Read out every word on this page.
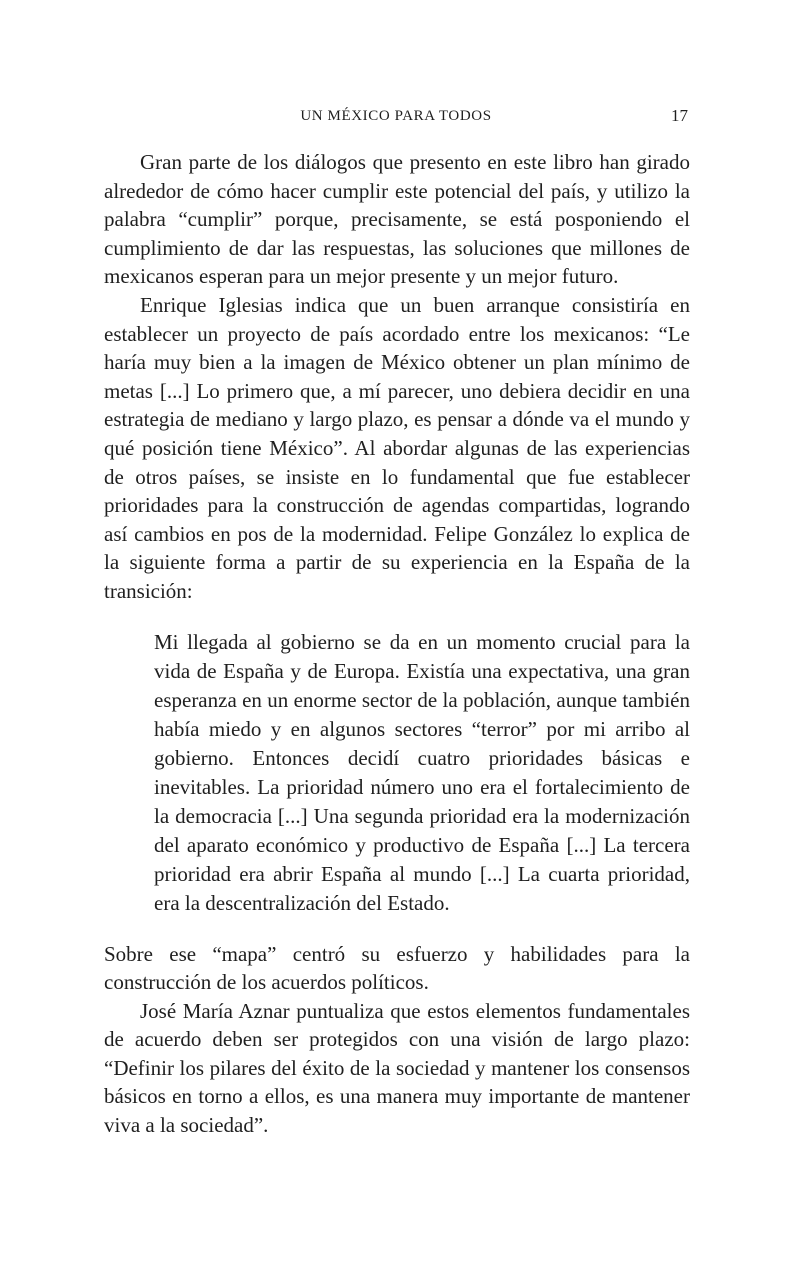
UN MÉXICO PARA TODOS	17

Gran parte de los diálogos que presento en este libro han girado alrededor de cómo hacer cumplir este potencial del país, y utilizo la palabra “cumplir” porque, precisamente, se está posponiendo el cumplimiento de dar las respuestas, las soluciones que millones de mexicanos esperan para un mejor presente y un mejor futuro.

Enrique Iglesias indica que un buen arranque consistiría en establecer un proyecto de país acordado entre los mexicanos: “Le haría muy bien a la imagen de México obtener un plan mínimo de metas [...] Lo primero que, a mí parecer, uno debiera decidir en una estrategia de mediano y largo plazo, es pensar a dónde va el mundo y qué posición tiene México”. Al abordar algunas de las experiencias de otros países, se insiste en lo fundamental que fue establecer prioridades para la construcción de agendas compartidas, logrando así cambios en pos de la modernidad. Felipe González lo explica de la siguiente forma a partir de su experiencia en la España de la transición:

Mi llegada al gobierno se da en un momento crucial para la vida de España y de Europa. Existía una expectativa, una gran esperanza en un enorme sector de la población, aunque también había miedo y en algunos sectores “terror” por mi arribo al gobierno. Entonces decidí cuatro prioridades básicas e inevitables. La prioridad número uno era el fortalecimiento de la democracia [...] Una segunda prioridad era la modernización del aparato económico y productivo de España [...] La tercera prioridad era abrir España al mundo [...] La cuarta prioridad, era la descentralización del Estado.

Sobre ese “mapa” centró su esfuerzo y habilidades para la construcción de los acuerdos políticos.

José María Aznar puntualiza que estos elementos fundamentales de acuerdo deben ser protegidos con una visión de largo plazo: “Definir los pilares del éxito de la sociedad y mantener los consensos básicos en torno a ellos, es una manera muy importante de mantener viva a la sociedad”.
